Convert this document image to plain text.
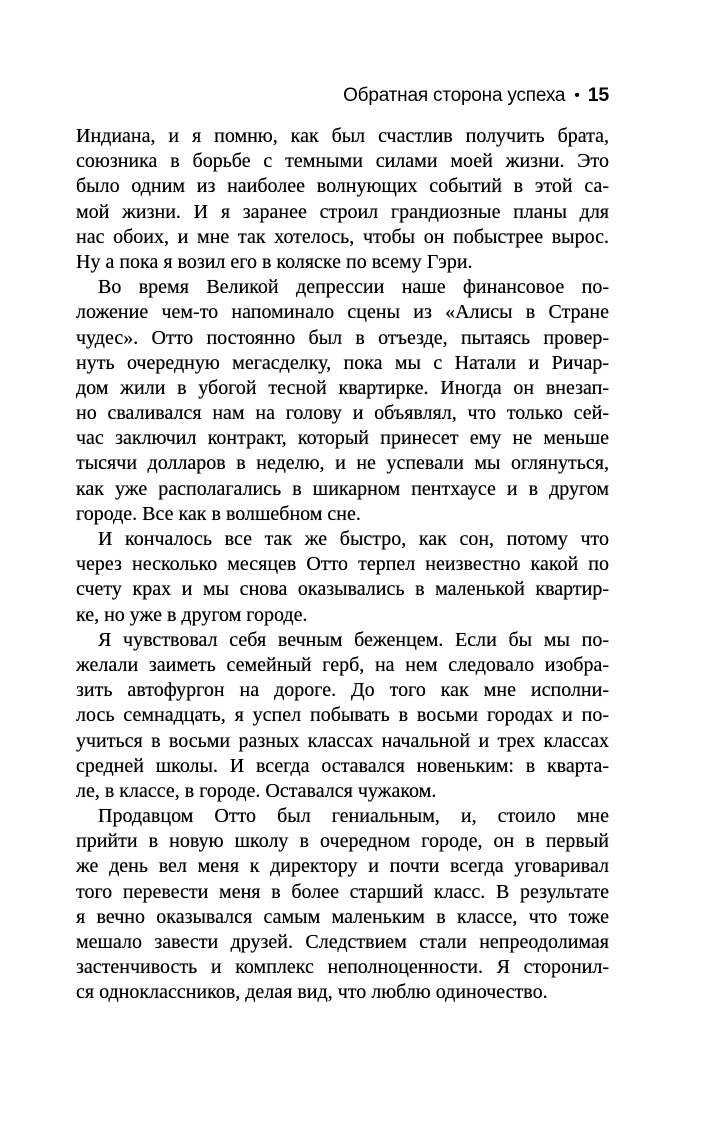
Обратная сторона успеха • 15
Индиана, и я помню, как был счастлив получить брата,
союзника в борьбе с темными силами моей жизни. Это
было одним из наиболее волнующих событий в этой са-
мой жизни. И я заранее строил грандиозные планы для
нас обоих, и мне так хотелось, чтобы он побыстрее вырос.
Ну а пока я возил его в коляске по всему Гэри.
Во время Великой депрессии наше финансовое по-
ложение чем-то напоминало сцены из «Алисы в Стране
чудес». Отто постоянно был в отъезде, пытаясь провер-
нуть очередную мегасделку, пока мы с Натали и Ричар-
дом жили в убогой тесной квартирке. Иногда он внезап-
но сваливался нам на голову и объявлял, что только сей-
час заключил контракт, который принесет ему не меньше
тысячи долларов в неделю, и не успевали мы оглянуться,
как уже располагались в шикарном пентхаусе и в другом
городе. Все как в волшебном сне.
И кончалось все так же быстро, как сон, потому что
через несколько месяцев Отто терпел неизвестно какой по
счету крах и мы снова оказывались в маленькой квартир-
ке, но уже в другом городе.
Я чувствовал себя вечным беженцем. Если бы мы по-
желали заиметь семейный герб, на нем следовало изобра-
зить автофургон на дороге. До того как мне исполни-
лось семнадцать, я успел побывать в восьми городах и по-
учиться в восьми разных классах начальной и трех классах
средней школы. И всегда оставался новеньким: в кварта-
ле, в классе, в городе. Оставался чужаком.
Продавцом Отто был гениальным, и, стоило мне
прийти в новую школу в очередном городе, он в первый
же день вел меня к директору и почти всегда уговаривал
того перевести меня в более старший класс. В результате
я вечно оказывался самым маленьким в классе, что тоже
мешало завести друзей. Следствием стали непреодолимая
застенчивость и комплекс неполноценности. Я сторонил-
ся одноклассников, делая вид, что люблю одиночество.
